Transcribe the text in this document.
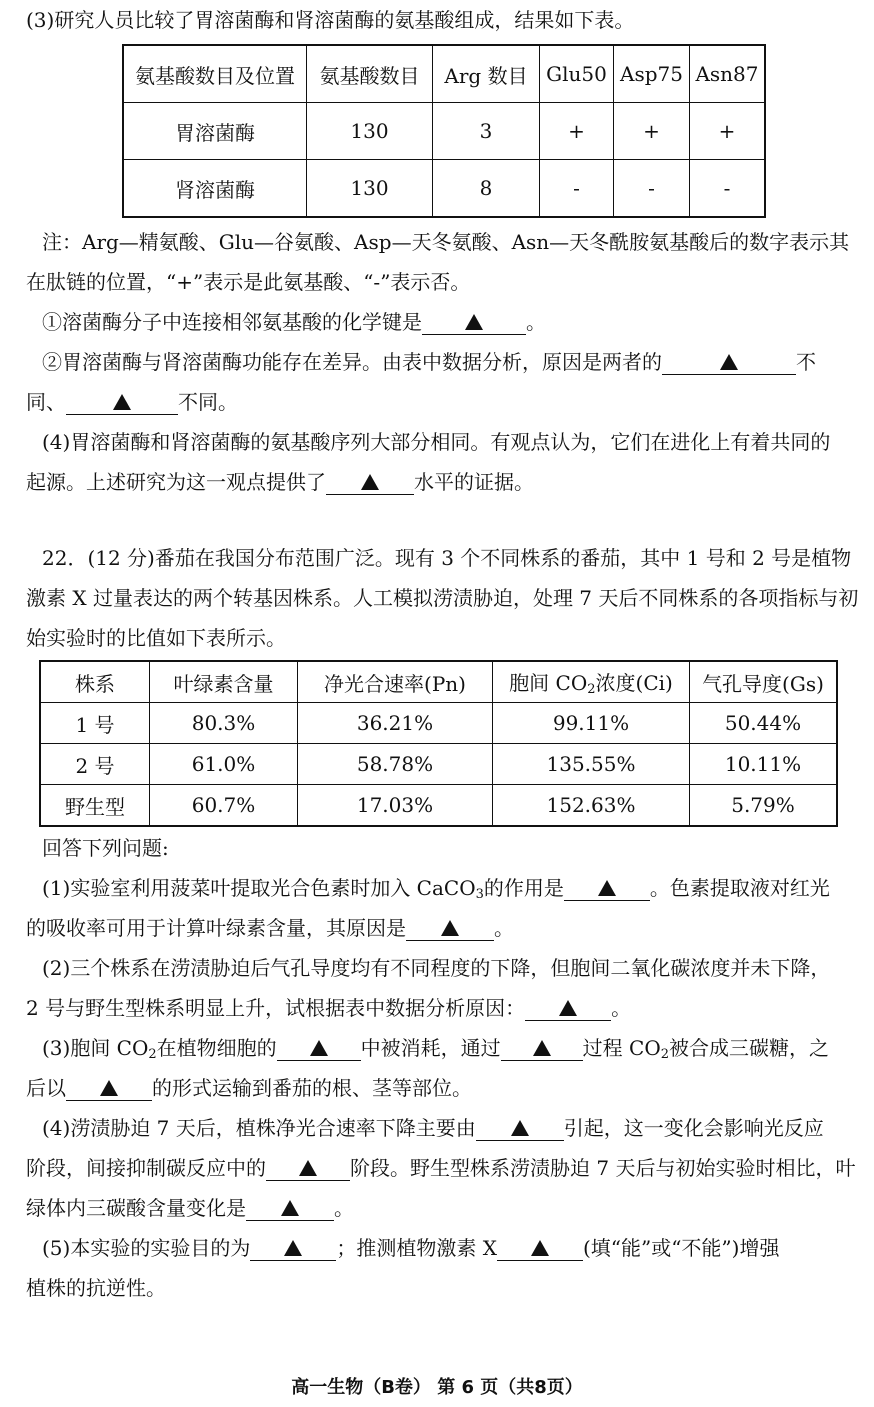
(3)研究人员比较了胃溶菌酶和肾溶菌酶的氨基酸组成，结果如下表。
氨基酸数目及位置	氨基酸数目	Arg 数目	Glu50	Asp75	Asn87
胃溶菌酶	130	3	+	+	+
肾溶菌酶	130	8	-	-	-
注：Arg—精氨酸、Glu—谷氨酸、Asp—天冬氨酸、Asn—天冬酰胺氨基酸后的数字表示其
在肽链的位置，“+”表示是此氨基酸、“-”表示否。
①溶菌酶分子中连接相邻氨基酸的化学键是	。
②胃溶菌酶与肾溶菌酶功能存在差异。由表中数据分析，原因是两者的	不
同、	不同。
(4)胃溶菌酶和肾溶菌酶的氨基酸序列大部分相同。有观点认为，它们在进化上有着共同的
起源。上述研究为这一观点提供了	水平的证据。
22．(12 分)番茄在我国分布范围广泛。现有 3 个不同株系的番茄，其中 1 号和 2 号是植物
激素 X 过量表达的两个转基因株系。人工模拟涝渍胁迫，处理 7 天后不同株系的各项指标与初
始实验时的比值如下表所示。
株系	叶绿素含量	净光合速率(Pn)	胞间 $CO_2$浓度(Ci)	气孔导度(Gs)
1 号	80.3%	36.21%	99.11%	50.44%
2 号	61.0%	58.78%	135.55%	10.11%
野生型	60.7%	17.03%	152.63%	5.79%
回答下列问题:
(1)实验室利用菠菜叶提取光合色素时加入 CaCO$_3$的作用是	。色素提取液对红光
的吸收率可用于计算叶绿素含量，其原因是	。
(2)三个株系在涝渍胁迫后气孔导度均有不同程度的下降，但胞间二氧化碳浓度并未下降，
2 号与野生型株系明显上升，试根据表中数据分析原因：	。
(3)胞间 $CO_2$在植物细胞的	中被消耗，通过	过程 $CO_2$被合成三碳糖，之
后以	的形式运输到番茄的根、茎等部位。
(4)涝渍胁迫 7 天后，植株净光合速率下降主要由	引起，这一变化会影响光反应
阶段，间接抑制碳反应中的	阶段。野生型株系涝渍胁迫 7 天后与初始实验时相比，叶
绿体内三碳酸含量变化是	。
(5)本实验的实验目的为	；推测植物激素 X	(填“能”或“不能”)增强
植株的抗逆性。
高一生物（B卷） 第 6 页（共8页）
